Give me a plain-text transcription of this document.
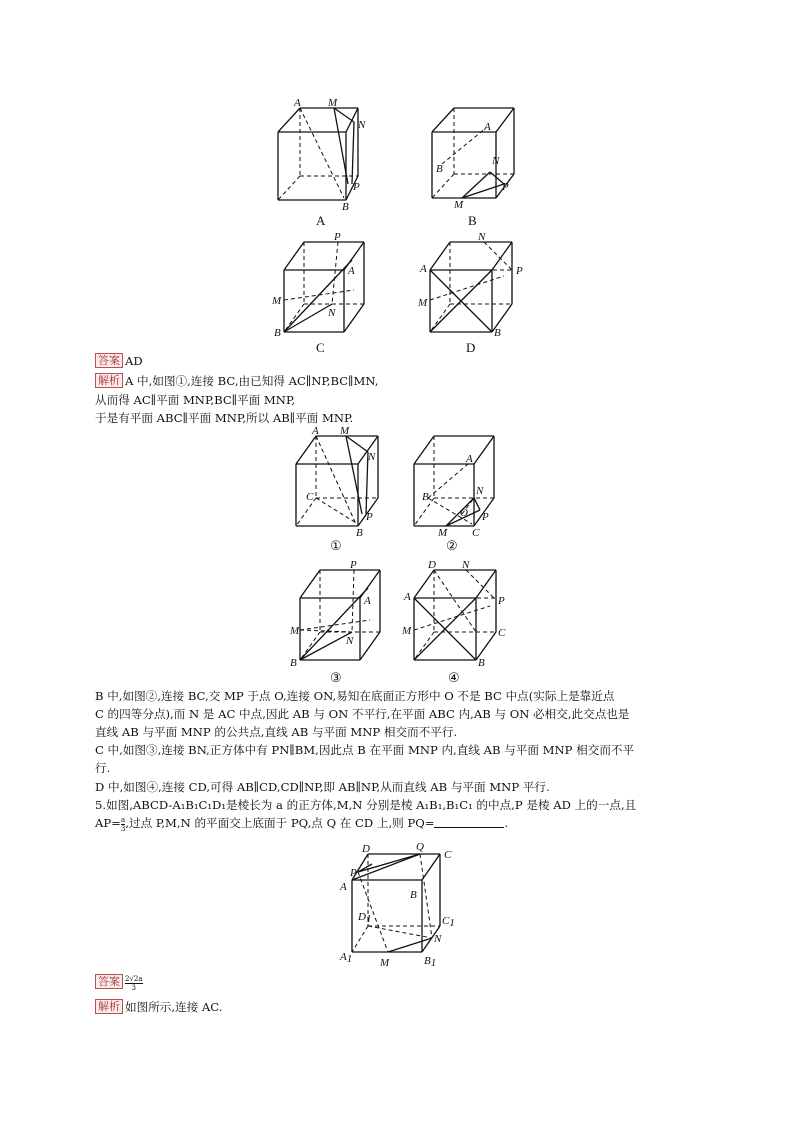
A M
N
P
B
A
A
B
N
P
M
B
P
A
M
N
B
C
N
A	P
M
B
D
答案 AD
解析 A 中,如图①,连接 BC,由已知得 AC∥NP,BC∥MN,
从而得 AC∥平面 MNP,BC∥平面 MNP,
于是有平面 ABC∥平面 MNP,所以 AB∥平面 MNP.
A M
N
C
P
B
①
A
B	N
O P
M C
②
P
A
M
N
B
③
D N
A	P
M	C
B
④
B 中,如图②,连接 BC,交 MP 于点 O,连接 ON,易知在底面正方形中 O 不是 BC 中点(实际上是靠近点
C 的四等分点),而 N 是 AC 中点,因此 AB 与 ON 不平行,在平面 ABC 内,AB 与 ON 必相交,此交点也是
直线 AB 与平面 MNP 的公共点,直线 AB 与平面 MNP 相交而不平行.
C 中,如图③,连接 BN,正方体中有 PN∥BM,因此点 B 在平面 MNP 内,直线 AB 与平面 MNP 相交而不平
行.
D 中,如图④,连接 CD,可得 AB∥CD,CD∥NP,即 AB∥NP,从而直线 AB 与平面 MNP 平行.
5.如图,ABCD-A₁B₁C₁D₁是棱长为 a 的正方体,M,N 分别是棱 A₁B₁,B₁C₁ 的中点,P 是棱 AD 上的一点,且
$AP= \frac{a}{3}$ ,过点 P,M,N 的平面交上底面于 PQ,点 Q 在 CD 上,则 PQ=	.
D	Q
C
P
A
B
D1	C1
N
A1	M	B1
答案 $\frac{2√2a}{3}$
解析 如图所示,连接 AC.
